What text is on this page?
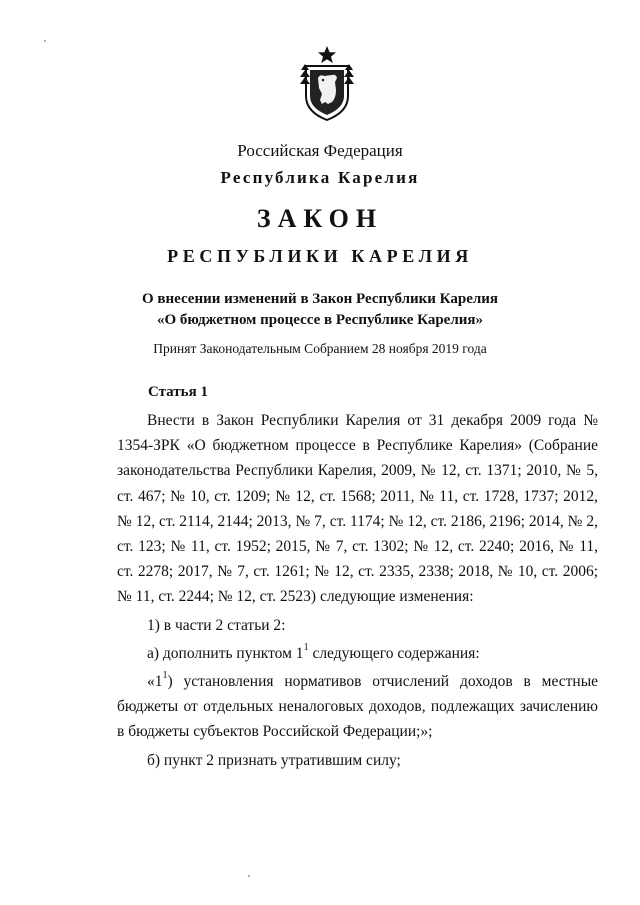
Российская Федерация
Республика Карелия
ЗАКОН
РЕСПУБЛИКИ КАРЕЛИЯ
О внесении изменений в Закон Республики Карелия
«О бюджетном процессе в Республике Карелия»
Принят Законодательным Собранием 28 ноября 2019 года
Статья 1

Внести в Закон Республики Карелия от 31 декабря 2009 года № 1354-ЗРК «О бюджетном процессе в Республике Карелия» (Собрание законодательства Республики Карелия, 2009, № 12, ст. 1371; 2010, № 5, ст. 467; № 10, ст. 1209; № 12, ст. 1568; 2011, № 11, ст. 1728, 1737; 2012, № 12, ст. 2114, 2144; 2013, № 7, ст. 1174; № 12, ст. 2186, 2196; 2014, № 2, ст. 123; № 11, ст. 1952; 2015, № 7, ст. 1302; № 12, ст. 2240; 2016, № 11, ст. 2278; 2017, № 7, ст. 1261; № 12, ст. 2335, 2338; 2018, № 10, ст. 2006; № 11, ст. 2244; № 12, ст. 2523) следующие изменения:

1) в части 2 статьи 2:

а) дополнить пунктом $1^1$ следующего содержания:

«$1^1$) установления нормативов отчислений доходов в местные бюджеты от отдельных неналоговых доходов, подлежащих зачислению в бюджеты субъектов Российской Федерации;»;

б) пункт 2 признать утратившим силу;
